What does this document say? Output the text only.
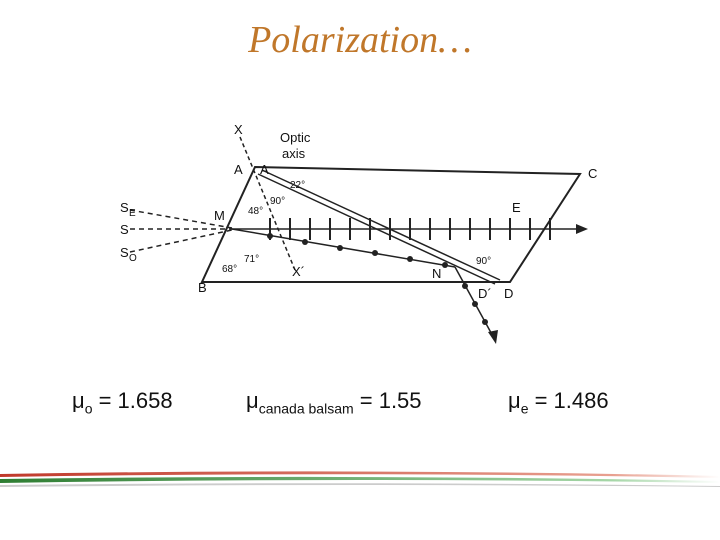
Polarization…
X
Optic
axis
A A	C
22°
90°
48°
M
S E
S
S O
E
71°
68°	X´	N
90°
B	D´ D
$\mu_o = 1.658$	$\mu_{canada balsam} = 1.55$	$\mu_e = 1.486$
